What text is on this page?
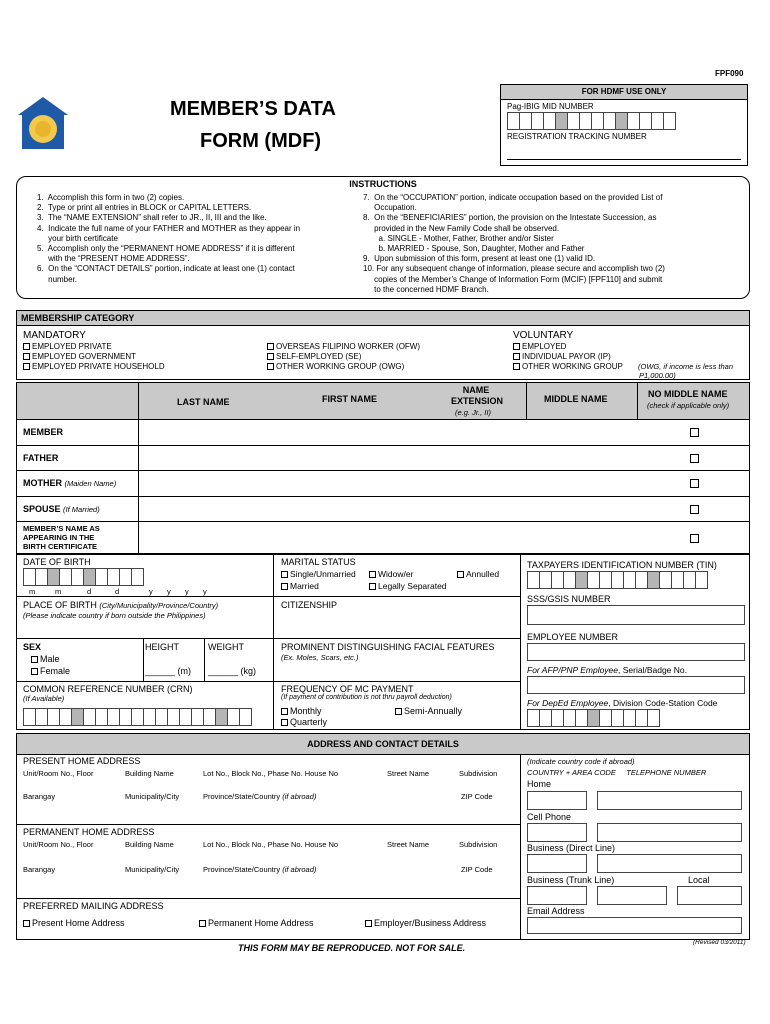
FPF090
MEMBER’S DATA
FORM (MDF)
FOR HDMF USE ONLY
Pag-IBIG MID NUMBER
REGISTRATION TRACKING NUMBER
INSTRUCTIONS
1.  Accomplish this form in two (2) copies.
2.  Type or print all entries in BLOCK or CAPITAL LETTERS.
3.  The “NAME EXTENSION” shall refer to JR., II, III and the like.
4.  Indicate the full name of your FATHER and MOTHER as they appear in
your birth certificate
5.  Accomplish only the “PERMANENT HOME ADDRESS” if it is different
with the “PRESENT HOME ADDRESS”.
6.  On the “CONTACT DETAILS” portion, indicate at least one (1) contact
number.
7.  On the “OCCUPATION” portion, indicate occupation based on the provided List of
Occupation.
8.  On the “BENEFICIARIES” portion, the provision on the Intestate Succession, as
provided in the New Family Code shall be observed.
a. SINGLE - Mother, Father, Brother and/or Sister
b. MARRIED - Spouse, Son, Daughter, Mother and Father
9.  Upon submission of this form, present at least one (1) valid ID.
10. For any subsequent change of information, please secure and accomplish two (2)
copies of the Member’s Change of Information Form (MCIF) [FPF110] and submit
to the concerned HDMF Branch.
MEMBERSHIP CATEGORY
MANDATORY	VOLUNTARY
EMPLOYED PRIVATE
EMPLOYED GOVERNMENT
EMPLOYED PRIVATE HOUSEHOLD
OVERSEAS FILIPINO WORKER (OFW)
SELF-EMPLOYED (SE)
OTHER WORKING GROUP (OWG)
EMPLOYED
INDIVIDUAL PAYOR (IP)
OTHER WORKING GROUP (OWG, if income is less than
P1,000.00)
LAST NAME	FIRST NAME
NAME EXTENSION
(e.g. Jr., II)
MIDDLE NAME	NO MIDDLE NAME
(check if applicable only)
MEMBER
FATHER
MOTHER (Maiden Name)
SPOUSE (If Married)
MEMBER’S NAME AS
APPEARING IN THE
BIRTH CERTIFICATE
DATE OF BIRTH
m	m	d	d	y y y y
MARITAL STATUS
Single/Unmarried	Widow/er	Annulled
Married	Legally Separated
TAXPAYERS IDENTIFICATION NUMBER (TIN)
SSS/GSIS NUMBER
EMPLOYEE NUMBER
For AFP/PNP Employee, Serial/Badge No.
For DepEd Employee, Division Code-Station Code
PLACE OF BIRTH (City/Municipality/Province/Country)
(Please indicate country if born outside the Philippines)
CITIZENSHIP
SEX
Male
Female
HEIGHT
______ (m)
WEIGHT
______ (kg)
PROMINENT DISTINGUISHING FACIAL FEATURES
(Ex. Moles, Scars, etc.)
COMMON REFERENCE NUMBER (CRN)
(If Available)
FREQUENCY OF MC PAYMENT
(If payment of contribution is not thru payroll deduction)
Monthly	Semi-Annually
Quarterly
ADDRESS AND CONTACT DETAILS
PRESENT HOME ADDRESS
Unit/Room No., Floor	Building Name	Lot No., Block No., Phase No. House No	Street Name	Subdivision
Barangay	Municipality/City	Province/State/Country (if abroad)	ZIP Code
PERMANENT HOME ADDRESS
Unit/Room No., Floor	Building Name	Lot No., Block No., Phase No. House No	Street Name	Subdivision
Barangay	Municipality/City	Province/State/Country (if abroad)	ZIP Code
PREFERRED MAILING ADDRESS
Present Home Address	Permanent Home Address	Employer/Business Address
(Indicate country code if abroad)
COUNTRY + AREA CODE     TELEPHONE NUMBER
Home
Cell Phone
Business (Direct Line)
Business (Trunk Line)	Local
Email Address
THIS FORM MAY BE REPRODUCED. NOT FOR SALE.
(Revised 03/2011)
